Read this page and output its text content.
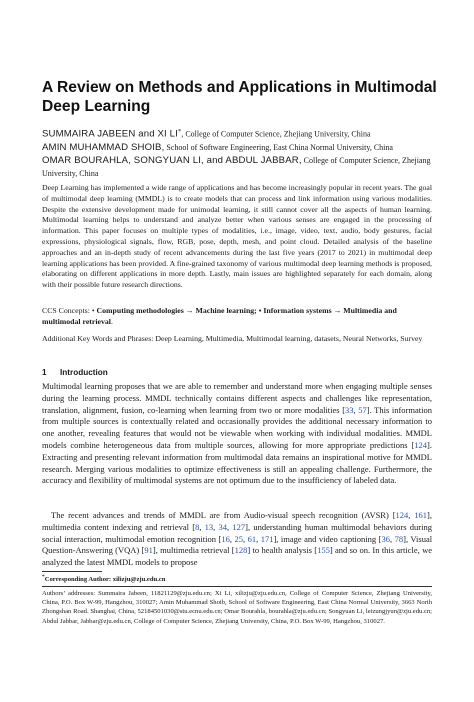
A Review on Methods and Applications in Multimodal Deep Learning
SUMMAIRA JABEEN and XI LI*, College of Computer Science, Zhejiang University, China
AMIN MUHAMMAD SHOIB, School of Software Engineering, East China Normal University, China
OMAR BOURAHLA, SONGYUAN LI, and ABDUL JABBAR, College of Computer Science, Zhejiang University, China

Deep Learning has implemented a wide range of applications and has become increasingly popular in recent years. The goal of multimodal deep learning (MMDL) is to create models that can process and link information using various modalities. Despite the extensive development made for unimodal learning, it still cannot cover all the aspects of human learning. Multimodal learning helps to understand and analyze better when various senses are engaged in the processing of information. This paper focuses on multiple types of modalities, i.e., image, video, text, audio, body gestures, facial expressions, physiological signals, flow, RGB, pose, depth, mesh, and point cloud. Detailed analysis of the baseline approaches and an in-depth study of recent advancements during the last five years (2017 to 2021) in multimodal deep learning applications has been provided. A fine-grained taxonomy of various multimodal deep learning methods is proposed, elaborating on different applications in more depth. Lastly, main issues are highlighted separately for each domain, along with their possible future research directions.

CCS Concepts: • Computing methodologies → Machine learning; • Information systems → Multimedia and multimodal retrieval.

Additional Key Words and Phrases: Deep Learning, Multimedia, Multimodal learning, datasets, Neural Networks, Survey

1 Introduction

Multimodal learning proposes that we are able to remember and understand more when engaging multiple senses during the learning process. MMDL technically contains different aspects and challenges like representation, translation, alignment, fusion, co-learning when learning from two or more modalities [33, 57]. This information from multiple sources is contextually related and occasionally provides the additional necessary information to one another, revealing features that would not be viewable when working with individual modalities. MMDL models combine heterogeneous data from multiple sources, allowing for more appropriate predictions [124]. Extracting and presenting relevant information from multimodal data remains an inspirational motive for MMDL research. Merging various modalities to optimize effectiveness is still an appealing challenge. Furthermore, the accuracy and flexibility of multimodal systems are not optimum due to the insufficiency of labeled data.

The recent advances and trends of MMDL are from Audio-visual speech recognition (AVSR) [124, 161], multimedia content indexing and retrieval [8, 13, 34, 127], understanding human multimodal behaviors during social interaction, multimodal emotion recognition [16, 25, 61, 171], image and video captioning [36, 78], Visual Question-Answering (VQA) [91], multimedia retrieval [128] to health analysis [155] and so on. In this article, we analyzed the latest MMDL models to propose

*Corresponding Author: xilizju@zju.edu.cn

Authors’ addresses: Summaira Jabeen, 11821129@zju.edu.cn; Xi Li, xilizju@zju.edu.cn, College of Computer Science, Zhejiang University, China, P.O. Box W-99, Hangzhou, 310027; Amin Muhammad Shoib, School of Software Engineering, East China Normal University, 3663 North Zhongshan Road. Shanghai, China, 52184501030@stu.ecnu.edu.cn; Omar Bourahla, bourahla@zju.edu.cn; Songyuan Li, leizungjyun@zju.edu.cn; Abdul Jabbar, Jabbar@zju.edu.cn, College of Computer Science, Zhejiang University, China, P.O. Box W-99, Hangzhou, 310027.
